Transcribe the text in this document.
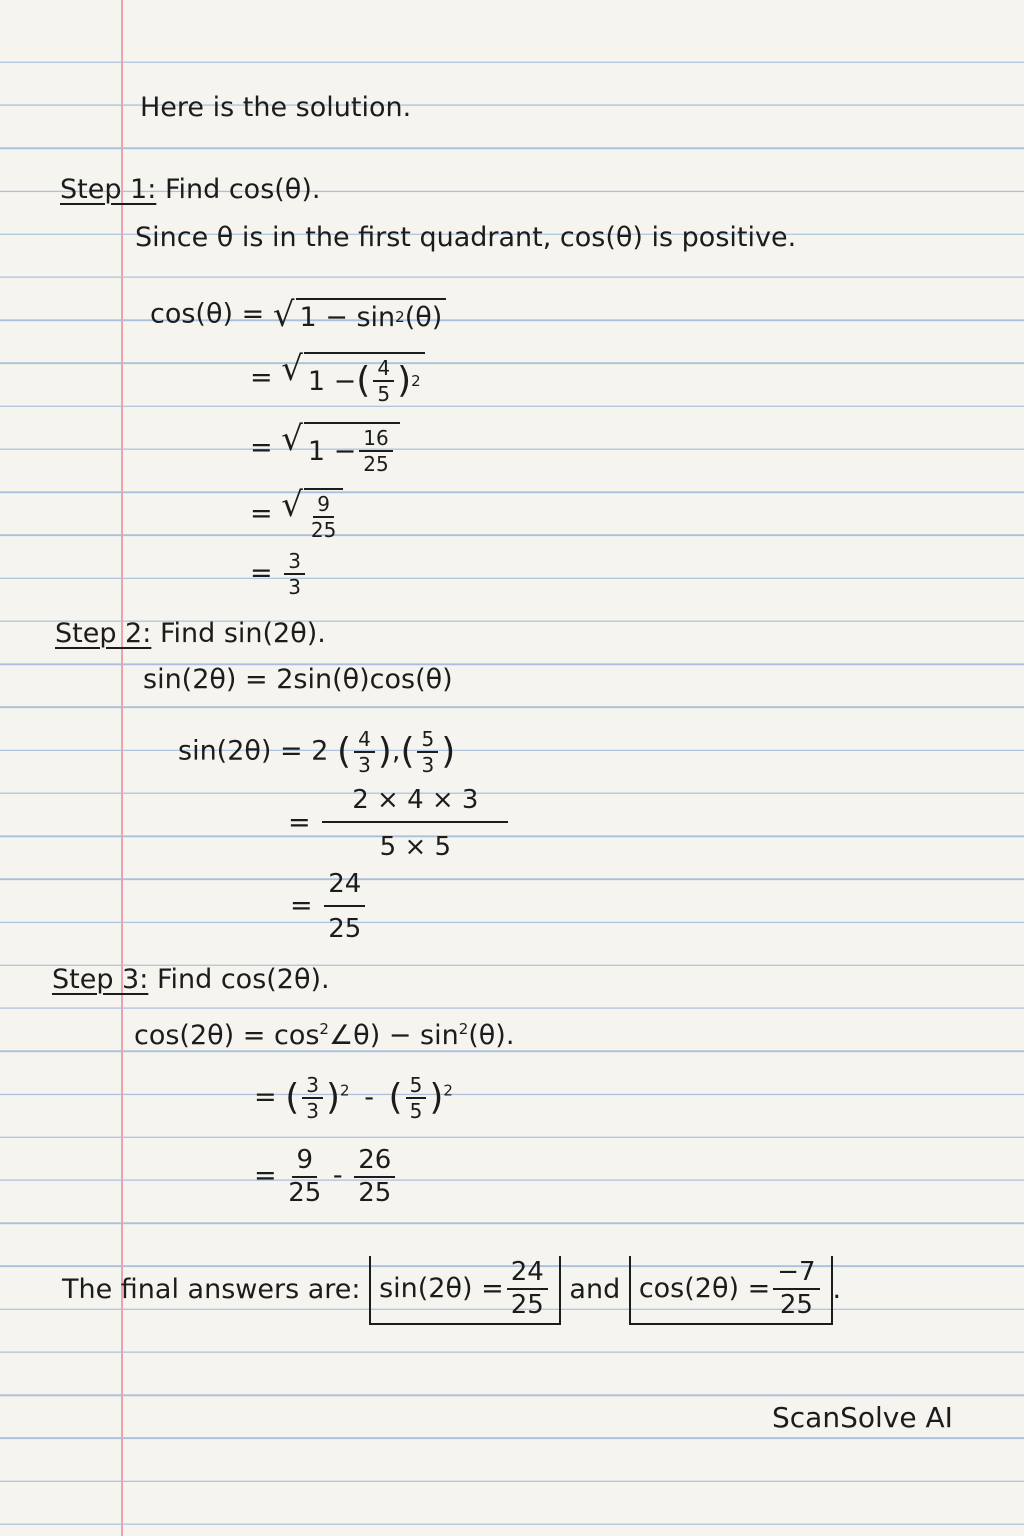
Here is the solution.
Step 1: Find cos(θ).
Since θ is in the first quadrant, cos(θ) is positive.
cos(θ) = √ 1 − sin 2 (θ)
= √ 1 − ( $\frac{4}{5}$ ) 2
= √ $1 - \frac{16}{25}$
= √ $\frac{9}{25}$
= $\frac{3}{3}$
Step 2: Find sin(2θ).
sin(2θ) = 2sin(θ)cos(θ)
sin(2θ) = 2 ( $\frac{4}{3}$ ),( $\frac{5}{3}$ )
= $\frac{2 \times 4 \times 3}{5 \times 5}$
= $\frac{24}{25}$
Step 3: Find cos(2θ).
$\cos(2\theta) = \cos^2\angle\theta) - \sin^2(\theta)$.
= ( $\frac{3}{3} )^2$ - ( $\frac{5}{5} )^2$
= $\frac{9}{25} - \frac{26}{25}$
The final answers are: $\sin(2\theta) = \frac{24}{25}$ and $\cos(2\theta) = \frac{-7}{25}$ .
ScanSolve AI
